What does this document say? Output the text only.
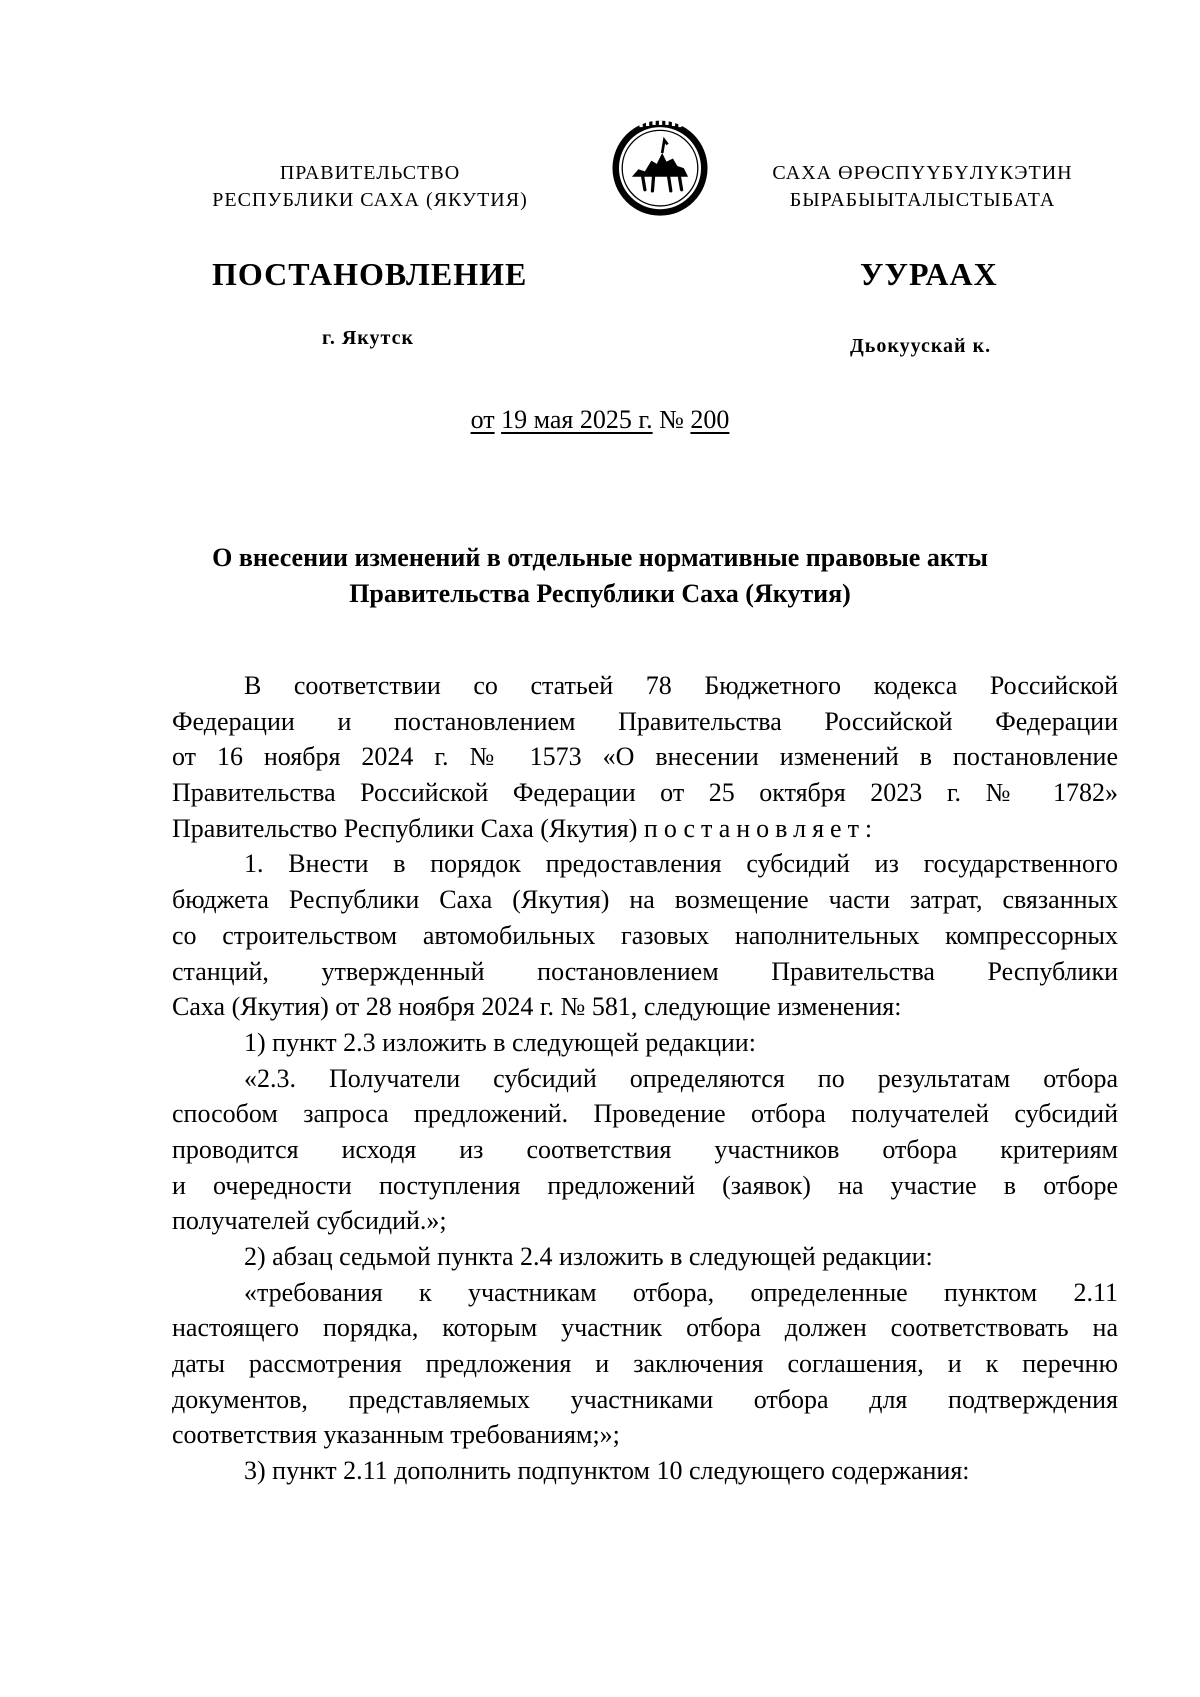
ПРАВИТЕЛЬСТВО
РЕСПУБЛИКИ САХА (ЯКУТИЯ)
САХА ӨРӨСПҮҮБҮЛҮКЭТИН
БЫРАБЫЫТАЛЫСТЫБАТА
ПОСТАНОВЛЕНИЕ	УУРААХ
г. Якутск	Дьокуускай к.
от 19 мая 2025 г. № 200
О внесении изменений в отдельные нормативные правовые акты
Правительства Республики Саха (Якутия)
В соответствии со статьей 78 Бюджетного кодекса Российской
Федерации и постановлением Правительства Российской Федерации
от 16 ноября 2024 г. № 1573 «О внесении изменений в постановление
Правительства Российской Федерации от 25 октября 2023 г. № 1782»
Правительство Республики Саха (Якутия) постановляет:
1. Внести в порядок предоставления субсидий из государственного
бюджета Республики Саха (Якутия) на возмещение части затрат, связанных
со строительством автомобильных газовых наполнительных компрессорных
станций, утвержденный постановлением Правительства Республики
Саха (Якутия) от 28 ноября 2024 г. № 581, следующие изменения:
1) пункт 2.3 изложить в следующей редакции:
«2.3. Получатели субсидий определяются по результатам отбора
способом запроса предложений. Проведение отбора получателей субсидий
проводится исходя из соответствия участников отбора критериям
и очередности поступления предложений (заявок) на участие в отборе
получателей субсидий.»;
2) абзац седьмой пункта 2.4 изложить в следующей редакции:
«требования к участникам отбора, определенные пунктом 2.11
настоящего порядка, которым участник отбора должен соответствовать на
даты рассмотрения предложения и заключения соглашения, и к перечню
документов, представляемых участниками отбора для подтверждения
соответствия указанным требованиям;»;
3) пункт 2.11 дополнить подпунктом 10 следующего содержания:
